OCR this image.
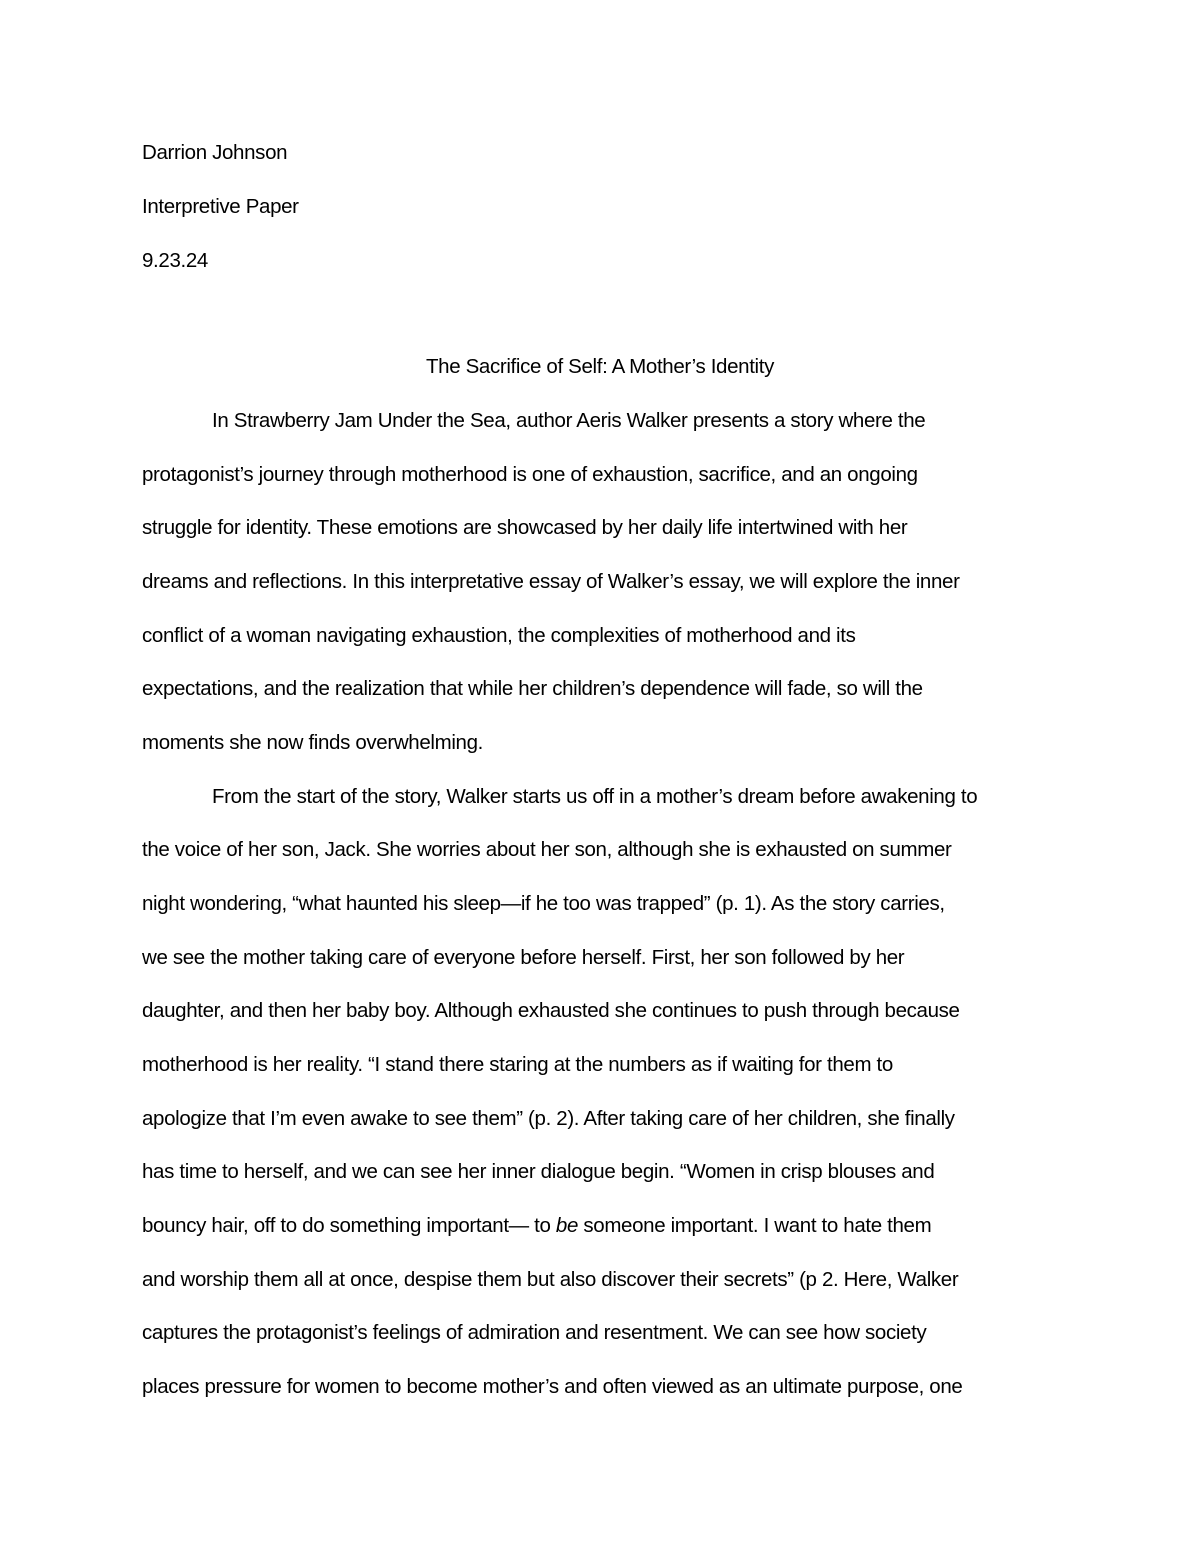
Darrion Johnson
Interpretive Paper
9.23.24
The Sacrifice of Self: A Mother’s Identity
In Strawberry Jam Under the Sea, author Aeris Walker presents a story where the
protagonist’s journey through motherhood is one of exhaustion, sacrifice, and an ongoing
struggle for identity. These emotions are showcased by her daily life intertwined with her
dreams and reflections. In this interpretative essay of Walker’s essay, we will explore the inner
conflict of a woman navigating exhaustion, the complexities of motherhood and its
expectations, and the realization that while her children’s dependence will fade, so will the
moments she now finds overwhelming.
From the start of the story, Walker starts us off in a mother’s dream before awakening to
the voice of her son, Jack. She worries about her son, although she is exhausted on summer
night wondering, “what haunted his sleep—if he too was trapped” (p. 1). As the story carries,
we see the mother taking care of everyone before herself. First, her son followed by her
daughter, and then her baby boy. Although exhausted she continues to push through because
motherhood is her reality. “I stand there staring at the numbers as if waiting for them to
apologize that I’m even awake to see them” (p. 2). After taking care of her children, she finally
has time to herself, and we can see her inner dialogue begin. “Women in crisp blouses and
bouncy hair, off to do something important— to be someone important. I want to hate them
and worship them all at once, despise them but also discover their secrets” (p 2. Here, Walker
captures the protagonist’s feelings of admiration and resentment. We can see how society
places pressure for women to become mother’s and often viewed as an ultimate purpose, one
